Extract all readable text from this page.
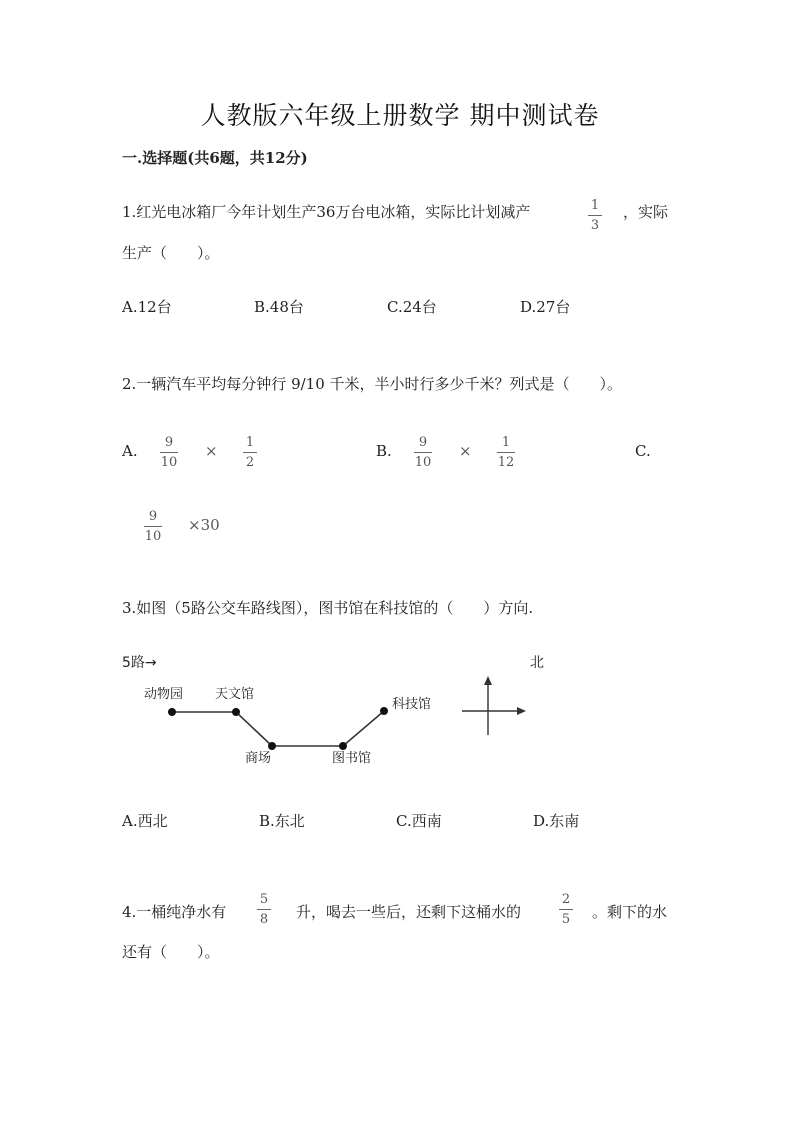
人教版六年级上册数学 期中测试卷
一.选择题(共6题，共12分)
1.红光电冰箱厂今年计划生产36万台电冰箱，实际比计划减产	1
3
，实际
生产（　　）。
A.12台	B.48台	C.24台	D.27台
2.一辆汽车平均每分钟行 9/10 千米，半小时行多少千米？列式是（　　）。
A. 9
10
× 1
2
B. 9
10
× 1
12
C.
9
10
×30
3.如图（5路公交车路线图），图书馆在科技馆的（　　）方向.
5路→	北
动物园 天文馆
商场	图书馆
科技馆
A.西北	B.东北	C.西南	D.东南
4.一桶纯净水有
5
8 升，喝去一些后，还剩下这桶水的
2
5 。剩下的水
还有（　　）。
